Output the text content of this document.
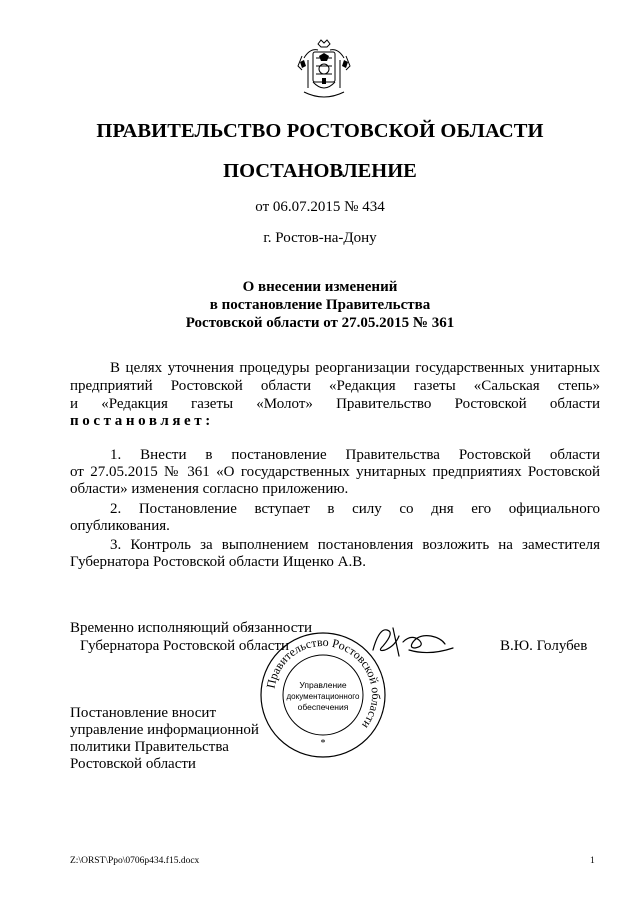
ПРАВИТЕЛЬСТВО РОСТОВСКОЙ ОБЛАСТИ
ПОСТАНОВЛЕНИЕ
от 06.07.2015 № 434
г. Ростов-на-Дону
О внесении изменений
в постановление Правительства
Ростовской области от 27.05.2015 № 361
В целях уточнения процедуры реорганизации государственных унитарных
предприятий Ростовской области «Редакция газеты «Сальская степь»
и «Редакция газеты «Молот» Правительство Ростовской области
постановляет:
1. Внести в постановление Правительства Ростовской области
от 27.05.2015 № 361 «О государственных унитарных предприятиях Ростовской
области» изменения согласно приложению.
2. Постановление вступает в силу со дня его официального
опубликования.
3. Контроль за выполнением постановления возложить на заместителя
Губернатора Ростовской области Ищенко А.В.
Временно исполняющий обязанности
Губернатора Ростовской области	В.Ю. Голубев
Правительство Ростовской области
Управление
документационного
обеспечения
*
Постановление вносит
управление информационной
политики Правительства
Ростовской области
Z:\ORST\Ppo\0706p434.f15.docx	1
